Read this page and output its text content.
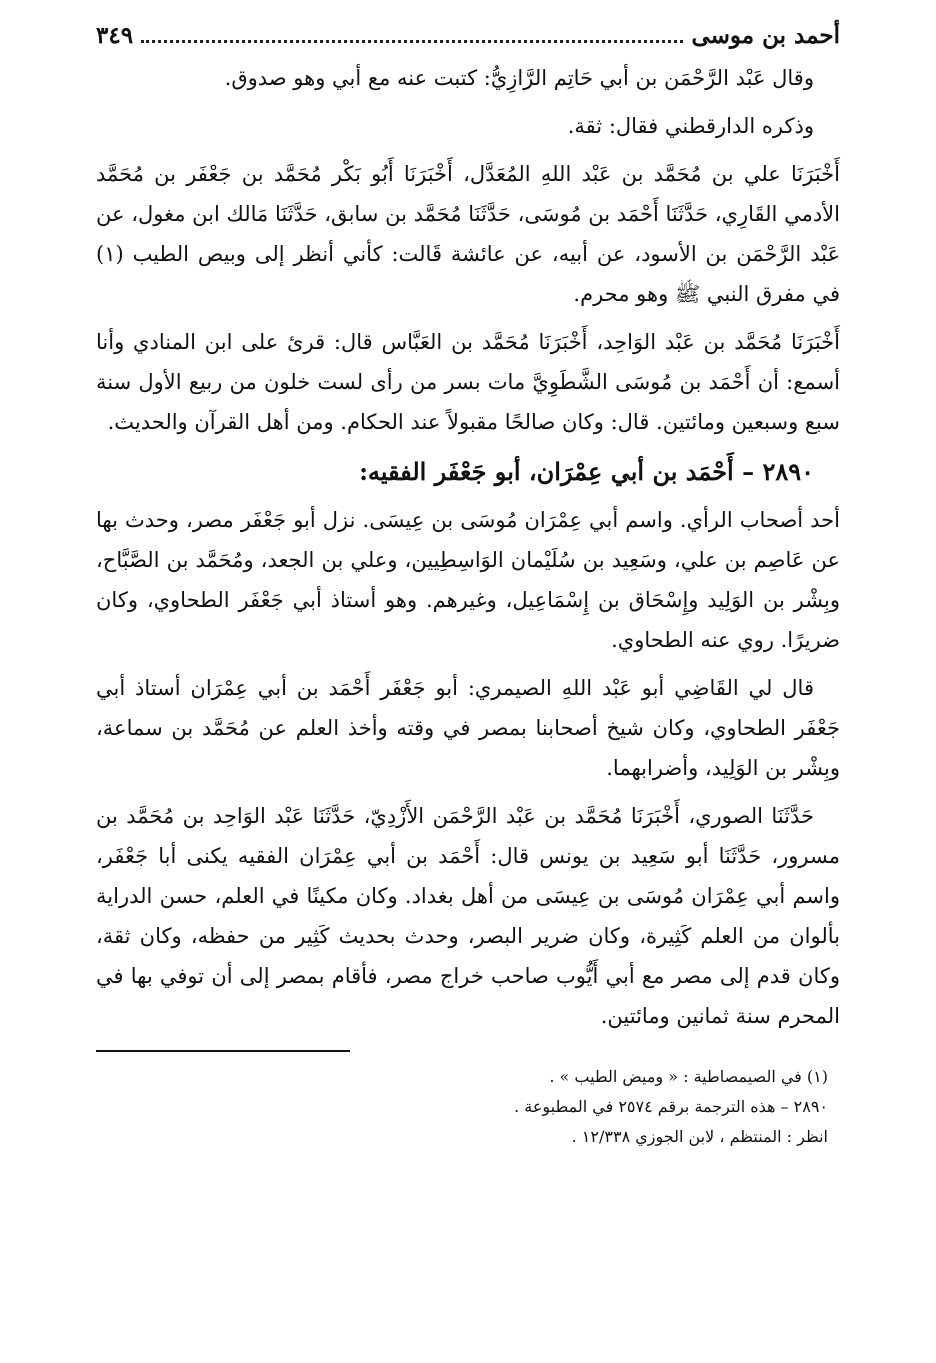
أحمد بن موسى
٣٤٩

وقال عَبْد الرَّحْمَن بن أبي حَاتِم الرَّازِيُّ: كتبت عنه مع أبي وهو صدوق.

وذكره الدارقطني فقال: ثقة.

أَخْبَرَنَا علي بن مُحَمَّد بن عَبْد اللهِ المُعَدَّل، أَخْبَرَنَا أَبُو بَكْر مُحَمَّد بن جَعْفَر بن مُحَمَّد الأدمي القَارِي، حَدَّثَنَا أَحْمَد بن مُوسَى، حَدَّثَنَا مُحَمَّد بن سابق، حَدَّثَنَا مَالك ابن مغول، عن عَبْد الرَّحْمَن بن الأسود، عن أبيه، عن عائشة قَالت: كأني أنظر إلى وبيص الطيب (١) في مفرق النبي ﷺ وهو محرم.

أَخْبَرَنَا مُحَمَّد بن عَبْد الوَاحِد، أَخْبَرَنَا مُحَمَّد بن العَبَّاس قال: قرئ على ابن المنادي وأنا أسمع: أن أَحْمَد بن مُوسَى الشَّطَوِيَّ مات بسر من رأى لست خلون من ربيع الأول سنة سبع وسبعين ومائتين. قال: وكان صالحًا مقبولاً عند الحكام. ومن أهل القرآن والحديث.

٢٨٩٠ – أَحْمَد بن أبي عِمْرَان، أبو جَعْفَر الفقيه:

أحد أصحاب الرأي. واسم أبي عِمْرَان مُوسَى بن عِيسَى. نزل أبو جَعْفَر مصر، وحدث بها عن عَاصِم بن علي، وسَعِيد بن سُلَيْمان الوَاسِطِيين، وعلي بن الجعد، ومُحَمَّد بن الصَّبَّاح، وبِشْر بن الوَلِيد وإِسْحَاق بن إِسْمَاعِيل، وغيرهم. وهو أستاذ أبي جَعْفَر الطحاوي، وكان ضريرًا. روي عنه الطحاوي.

قال لي القَاضِي أبو عَبْد اللهِ الصيمري: أبو جَعْفَر أَحْمَد بن أبي عِمْرَان أستاذ أبي جَعْفَر الطحاوي، وكان شيخ أصحابنا بمصر في وقته وأخذ العلم عن مُحَمَّد بن سماعة، وبِشْر بن الوَلِيد، وأضرابهما.

حَدَّثَنَا الصوري، أَخْبَرَنَا مُحَمَّد بن عَبْد الرَّحْمَن الأَزْدِيّ، حَدَّثَنَا عَبْد الوَاحِد بن مُحَمَّد بن مسرور، حَدَّثَنَا أبو سَعِيد بن يونس قال: أَحْمَد بن أبي عِمْرَان الفقيه يكنى أبا جَعْفَر، واسم أبي عِمْرَان مُوسَى بن عِيسَى من أهل بغداد. وكان مكينًا في العلم، حسن الدراية بألوان من العلم كَثِيرة، وكان ضرير البصر، وحدث بحديث كَثِير من حفظه، وكان ثقة، وكان قدم إلى مصر مع أبي أَيُّوب صاحب خراج مصر، فأقام بمصر إلى أن توفي بها في المحرم سنة ثمانين ومائتين.

(١) في الصيمصاطية : « وميض الطيب » .
٢٨٩٠ – هذه الترجمة برقم ٢٥٧٤ في المطبوعة .
انظر : المنتظم ، لابن الجوزي ١٢/٣٣٨ .
